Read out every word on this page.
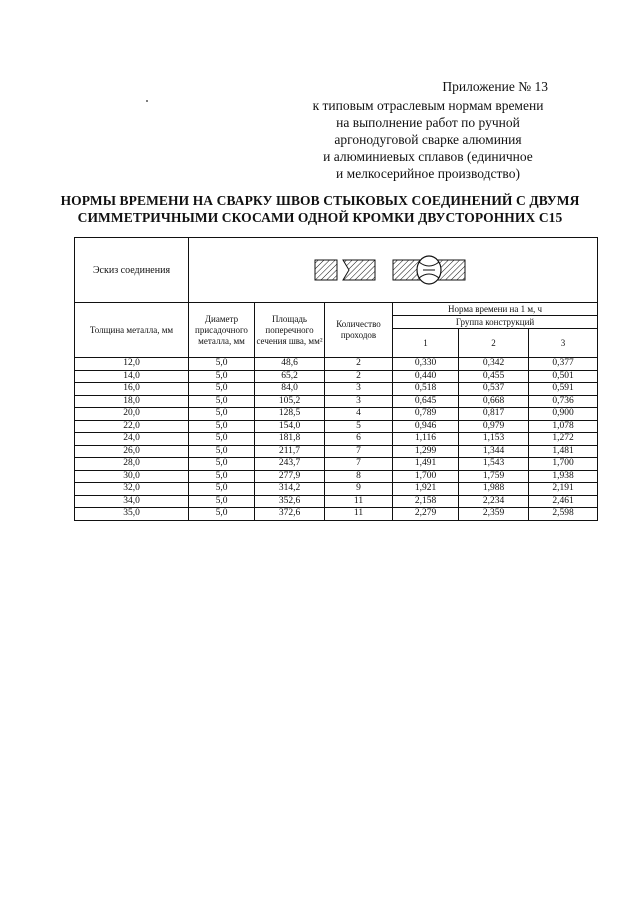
Приложение № 13
к типовым отраслевым нормам времени
на выполнение работ по ручной
аргонодуговой сварке алюминия
и алюминиевых сплавов (единичное
и мелкосерийное производство)
НОРМЫ ВРЕМЕНИ НА СВАРКУ ШВОВ СТЫКОВЫХ СОЕДИНЕНИЙ С ДВУМЯ
СИММЕТРИЧНЫМИ СКОСАМИ ОДНОЙ КРОМКИ ДВУСТОРОННИХ С15
Эскиз соединения	

Толщина металла, мм	Диаметр присадочного металла, мм	Площадь поперечного сечения шва, мм²	Количество проходов	Норма времени на 1 м, ч		
				Группа конструкций		
				1	2	3
12,0	5,0	48,6	2	0,330	0,342	0,377
14,0	5,0	65,2	2	0,440	0,455	0,501
16,0	5,0	84,0	3	0,518	0,537	0,591
18,0	5,0	105,2	3	0,645	0,668	0,736
20,0	5,0	128,5	4	0,789	0,817	0,900
22,0	5,0	154,0	5	0,946	0,979	1,078
24,0	5,0	181,8	6	1,116	1,153	1,272
26,0	5,0	211,7	7	1,299	1,344	1,481
28,0	5,0	243,7	7	1,491	1,543	1,700
30,0	5,0	277,9	8	1,700	1,759	1,938
32,0	5,0	314,2	9	1,921	1,988	2,191
34,0	5,0	352,6	11	2,158	2,234	2,461
35,0	5,0	372,6	11	2,279	2,359	2,598
